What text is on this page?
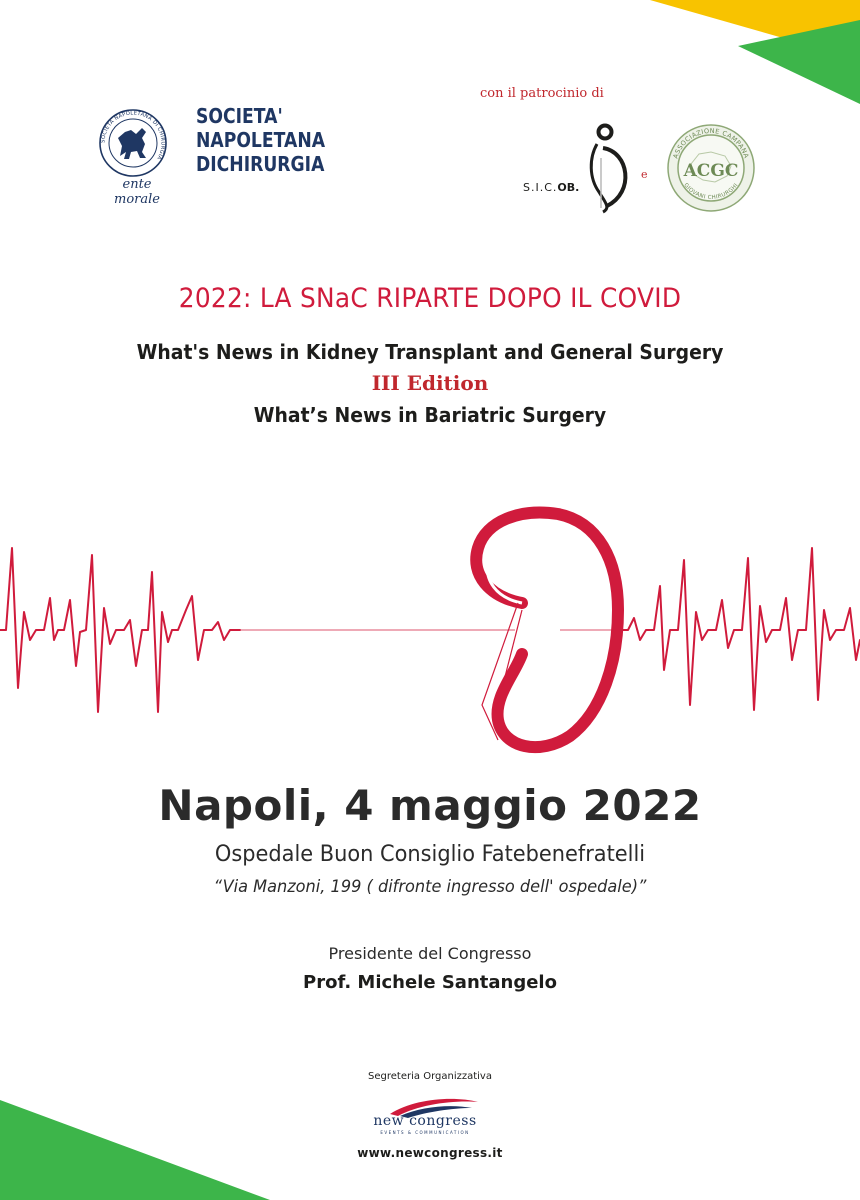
SOCIETÀ NAPOLETANA DI CHIRURGIA
ente morale
SOCIETA'
NAPOLETANA
DICHIRURGIA
con il patrocinio di
S.I.C.OB.
e
ASSOCIAZIONE CAMPANA
GIOVANI CHIRURGHI
ACGC
2022: LA SNaC RIPARTE DOPO IL COVID
What's News in Kidney Transplant and General Surgery
III Edition
What’s News in Bariatric Surgery
Napoli, 4 maggio 2022
Ospedale Buon Consiglio Fatebenefratelli
“Via Manzoni, 199 ( difronte ingresso dell' ospedale)”
Presidente del Congresso
Prof. Michele Santangelo
Segreteria Organizzativa
new congress
EVENTS & COMMUNICATION
www.newcongress.it
